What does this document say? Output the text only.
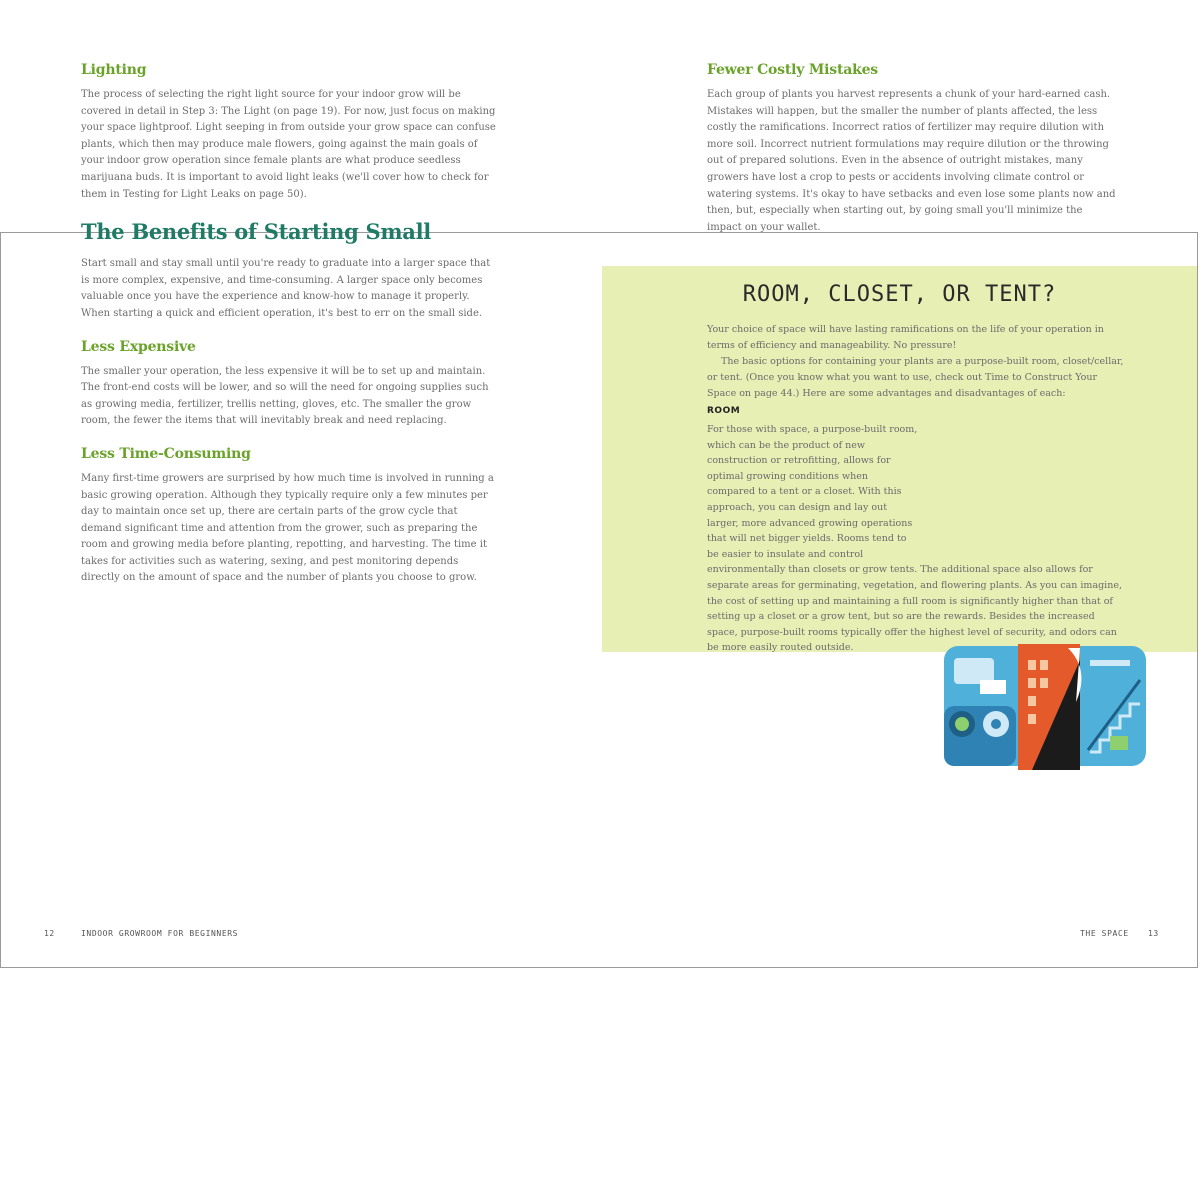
Lighting
The process of selecting the right light source for your indoor grow will be covered in detail in Step 3: The Light (on page 19). For now, just focus on making your space lightproof. Light seeping in from outside your grow space can confuse plants, which then may produce male flowers, going against the main goals of your indoor grow operation since female plants are what produce seedless marijuana buds. It is important to avoid light leaks (we'll cover how to check for them in Testing for Light Leaks on page 50).
The Benefits of Starting Small
Start small and stay small until you're ready to graduate into a larger space that is more complex, expensive, and time-consuming. A larger space only becomes valuable once you have the experience and know-how to manage it properly. When starting a quick and efficient operation, it's best to err on the small side.
Less Expensive
The smaller your operation, the less expensive it will be to set up and maintain. The front-end costs will be lower, and so will the need for ongoing supplies such as growing media, fertilizer, trellis netting, gloves, etc. The smaller the grow room, the fewer the items that will inevitably break and need replacing.
Less Time-Consuming
Many first-time growers are surprised by how much time is involved in running a basic growing operation. Although they typically require only a few minutes per day to maintain once set up, there are certain parts of the grow cycle that demand significant time and attention from the grower, such as preparing the room and growing media before planting, repotting, and harvesting. The time it takes for activities such as watering, sexing, and pest monitoring depends directly on the amount of space and the number of plants you choose to grow.
Fewer Costly Mistakes
Each group of plants you harvest represents a chunk of your hard-earned cash. Mistakes will happen, but the smaller the number of plants affected, the less costly the ramifications. Incorrect ratios of fertilizer may require dilution with more soil. Incorrect nutrient formulations may require dilution or the throwing out of prepared solutions. Even in the absence of outright mistakes, many growers have lost a crop to pests or accidents involving climate control or watering systems. It's okay to have setbacks and even lose some plants now and then, but, especially when starting out, by going small you'll minimize the impact on your wallet.
ROOM, CLOSET, OR TENT?
Your choice of space will have lasting ramifications on the life of your operation in terms of efficiency and manageability. No pressure!
The basic options for containing your plants are a purpose-built room, closet/cellar, or tent. (Once you know what you want to use, check out Time to Construct Your Space on page 44.) Here are some advantages and disadvantages of each:
ROOM
For those with space, a purpose-built room, which can be the product of new construction or retrofitting, allows for optimal growing conditions when compared to a tent or a closet. With this approach, you can design and lay out larger, more advanced growing operations that will net bigger yields. Rooms tend to be easier to insulate and control environmentally than closets or grow tents. The additional space also allows for separate areas for germinating, vegetation, and flowering plants. As you can imagine, the cost of setting up and maintaining a full room is significantly higher than that of setting up a closet or a grow tent, but so are the rewards. Besides the increased space, purpose-built rooms typically offer the highest level of security, and odors can be more easily routed outside.
12	INDOOR GROWROOM FOR BEGINNERS	THE SPACE 13
